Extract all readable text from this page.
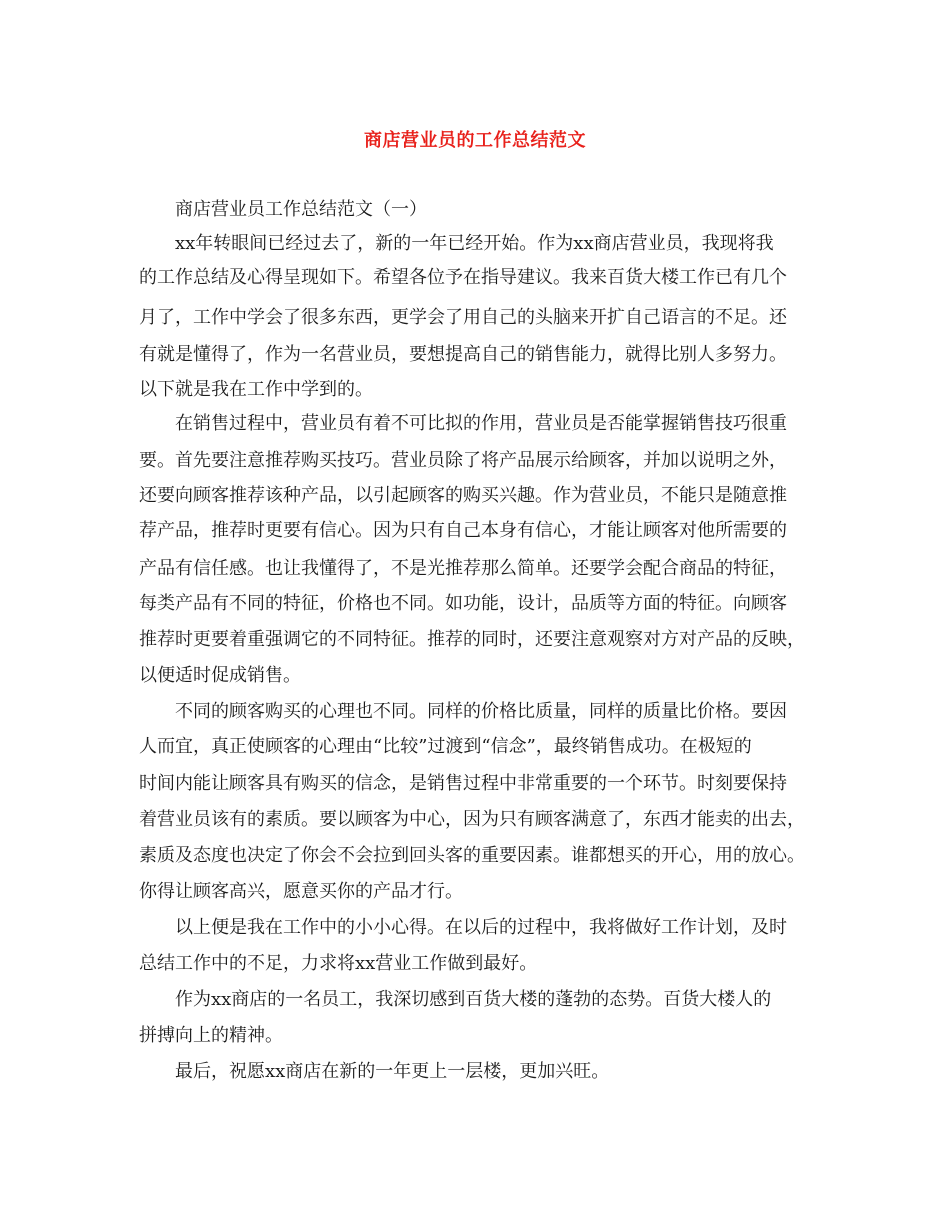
商店营业员的工作总结范文
商店营业员工作总结范文（一）
xx年转眼间已经过去了，新的一年已经开始。作为xx商店营业员，我现将我
的工作总结及心得呈现如下。希望各位予在指导建议。我来百货大楼工作已有几个
月了，工作中学会了很多东西，更学会了用自己的头脑来开扩自己语言的不足。还
有就是懂得了，作为一名营业员，要想提高自己的销售能力，就得比别人多努力。
以下就是我在工作中学到的。
在销售过程中，营业员有着不可比拟的作用，营业员是否能掌握销售技巧很重
要。首先要注意推荐购买技巧。营业员除了将产品展示给顾客，并加以说明之外，
还要向顾客推荐该种产品，以引起顾客的购买兴趣。作为营业员，不能只是随意推
荐产品，推荐时更要有信心。因为只有自己本身有信心，才能让顾客对他所需要的
产品有信任感。也让我懂得了，不是光推荐那么简单。还要学会配合商品的特征，
每类产品有不同的特征，价格也不同。如功能，设计，品质等方面的特征。向顾客
推荐时更要着重强调它的不同特征。推荐的同时，还要注意观察对方对产品的反映，
以便适时促成销售。
不同的顾客购买的心理也不同。同样的价格比质量，同样的质量比价格。要因
人而宜，真正使顾客的心理由“比较”过渡到“信念”，最终销售成功。在极短的
时间内能让顾客具有购买的信念，是销售过程中非常重要的一个环节。时刻要保持
着营业员该有的素质。要以顾客为中心，因为只有顾客满意了，东西才能卖的出去，
素质及态度也决定了你会不会拉到回头客的重要因素。谁都想买的开心，用的放心。
你得让顾客高兴，愿意买你的产品才行。
以上便是我在工作中的小小心得。在以后的过程中，我将做好工作计划，及时
总结工作中的不足，力求将xx营业工作做到最好。
作为xx商店的一名员工，我深切感到百货大楼的蓬勃的态势。百货大楼人的
拼搏向上的精神。
最后，祝愿xx商店在新的一年更上一层楼，更加兴旺。
